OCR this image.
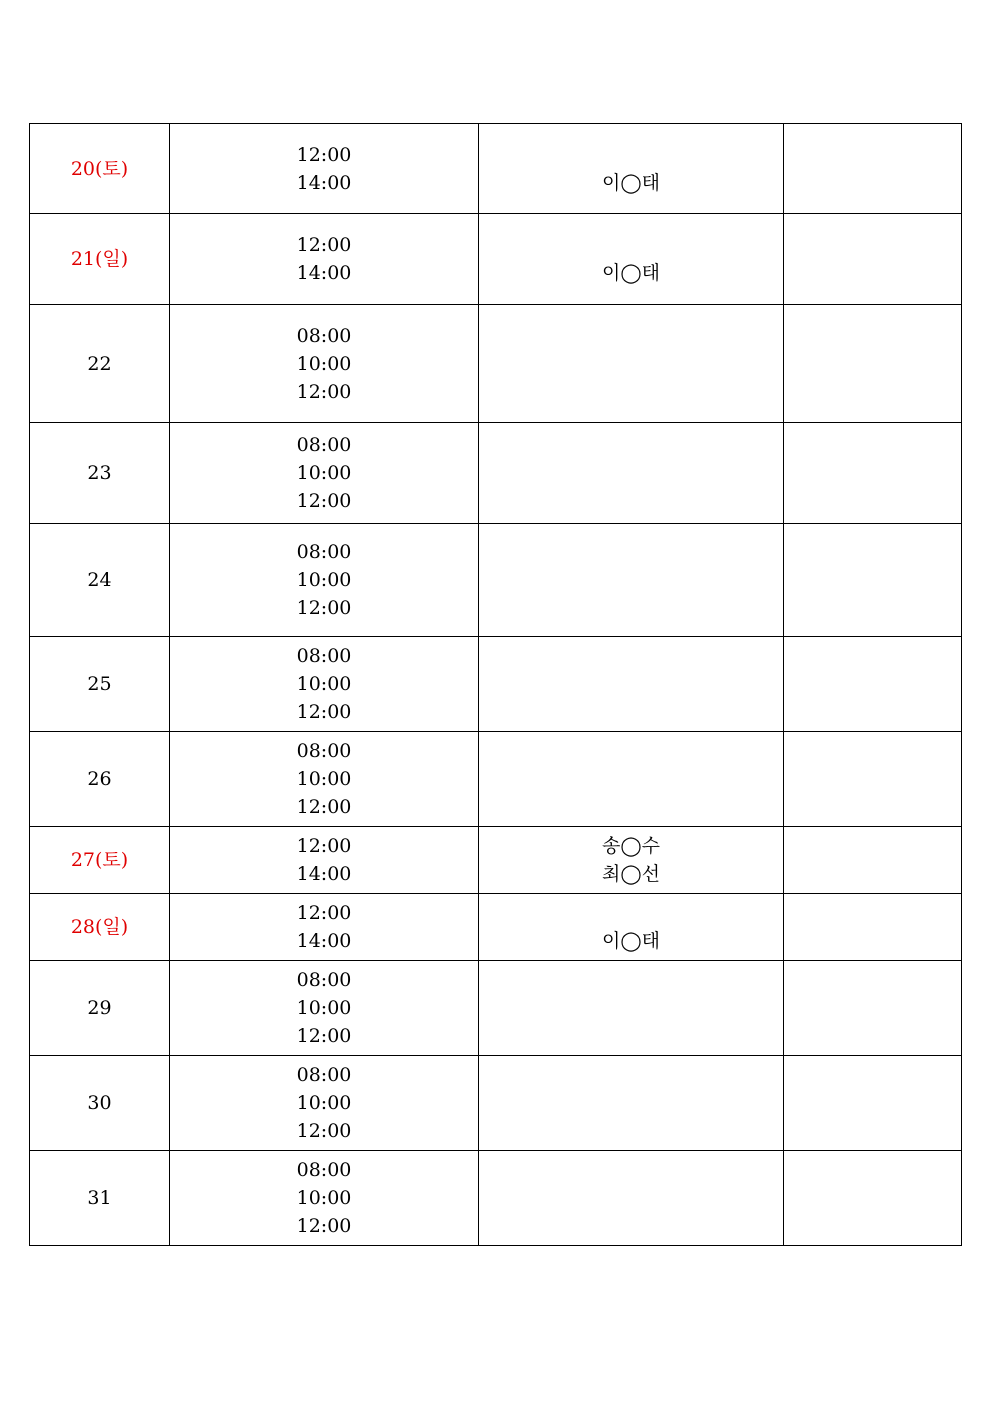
20(토)	12:00
14:00	이◯태	

21(일)	12:00
14:00	이◯태	

22	08:00
10:00
12:00		

23	08:00
10:00
12:00		

24	08:00
10:00
12:00		

25	08:00
10:00
12:00		

26	08:00
10:00
12:00		

27(토)	12:00
14:00	송◯수
최◯선	

28(일)	12:00
14:00	이◯태	

29	08:00
10:00
12:00		

30	08:00
10:00
12:00		

31	08:00
10:00
12:00		
